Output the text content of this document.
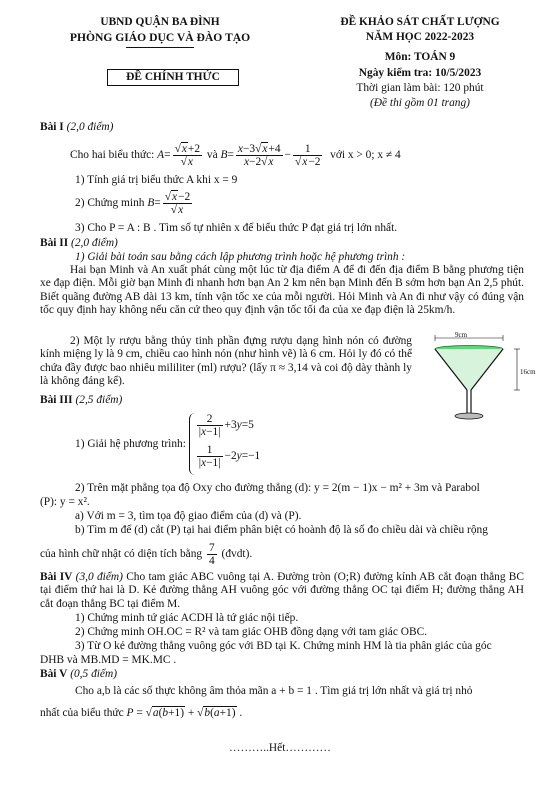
UBND QUẬN BA ĐÌNH
PHÒNG GIÁO DỤC VÀ ĐÀO TẠO
ĐỀ CHÍNH THỨC
ĐỀ KHẢO SÁT CHẤT LƯỢNG
NĂM HỌC 2022-2023
Môn: TOÁN 9
Ngày kiểm tra: 10/5/2023
Thời gian làm bài: 120 phút
(Đề thi gồm 01 trang)
Bài I (2,0 điểm)
Cho hai biểu thức: $A= \frac{√x+2}{√x}$ và $B= \frac{x-3√x+4}{x-2√x} - \frac{1}{√x-2}$ với x > 0; x ≠ 4
1) Tính giá trị biểu thức A khi x = 9
2) Chứng minh $B= \frac{√x-2}{√x}$
3) Cho P = A : B . Tìm số tự nhiên x để biểu thức P đạt giá trị lớn nhất.
Bài II (2,0 điểm)
1) Giải bài toán sau bằng cách lập phương trình hoặc hệ phương trình :
Hai bạn Minh và An xuất phát cùng một lúc từ địa điểm A để đi đến địa điểm B bằng phương tiện xe đạp điện. Mỗi giờ bạn Minh đi nhanh hơn bạn An 2 km nên bạn Minh đến B sớm hơn bạn An 2,5 phút. Biết quãng đường AB dài 13 km, tính vận tốc xe của mỗi người. Hỏi Minh và An đi như vậy có đúng vận tốc quy định hay không nếu căn cứ theo quy định vận tốc tối đa của xe đạp điện là 25km/h.
2) Một ly rượu bằng thủy tinh phần đựng rượu dạng hình nón có đường kính miệng ly là 9 cm, chiều cao hình nón (như hình vẽ) là 6 cm. Hỏi ly đó có thể chứa đầy được bao nhiêu mililiter (ml) rượu? (lấy π ≈ 3,14 và coi độ dày thành ly là không đáng kể).
9cm
16cm
Bài III (2,5 điểm)
1) Giải hệ phương trình:
$\frac{2}{|x-1|} +3y=5$
$\frac{1}{|x-1|} -2y=-1$
2) Trên mặt phẳng tọa độ Oxy cho đường thẳng (d): y = 2(m − 1)x − m² + 3m và Parabol
(P): y = x².
a) Với m = 3, tìm tọa độ giao điểm của (d) và (P).
b) Tìm m để (d) cắt (P) tại hai điểm phân biệt có hoành độ là số đo chiều dài và chiều rộng
của hình chữ nhật có diện tích bằng $\frac{7}{4}$ (đvdt).
Bài IV (3,0 điểm) Cho tam giác ABC vuông tại A. Đường tròn (O;R) đường kính AB cắt đoạn thẳng BC tại điểm thứ hai là D. Kẻ đường thẳng AH vuông góc với đường thẳng OC tại điểm H; đường thẳng AH cắt đoạn thẳng BC tại điểm M.
1) Chứng minh tứ giác ACDH là tứ giác nội tiếp.
2) Chứng minh OH.OC = R² và tam giác OHB đồng dạng với tam giác OBC.
3) Từ O kẻ đường thẳng vuông góc với BD tại K. Chứng minh HM là tia phân giác của góc
DHB và MB.MD = MK.MC .
Bài V (0,5 điểm)
Cho a,b là các số thực không âm thỏa mãn a + b = 1 . Tìm giá trị lớn nhất và giá trị nhỏ
nhất của biểu thức P = √a(b+1) + √b(a+1) .
………..Hết…………
